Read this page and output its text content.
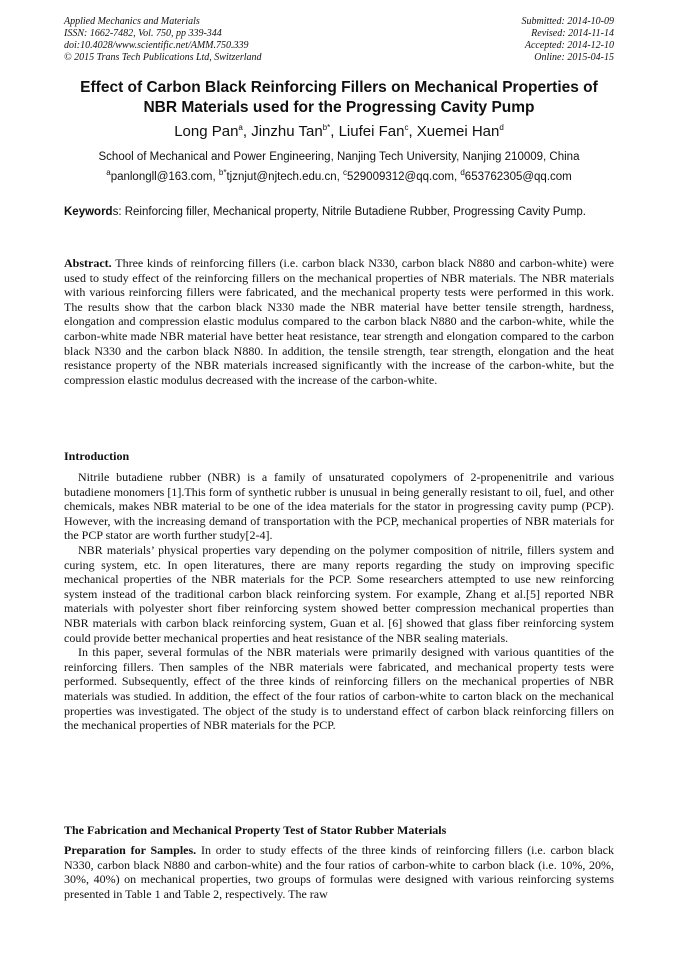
Applied Mechanics and Materials
ISSN: 1662-7482, Vol. 750, pp 339-344
doi:10.4028/www.scientific.net/AMM.750.339
© 2015 Trans Tech Publications Ltd, Switzerland
Submitted: 2014-10-09
Revised: 2014-11-14
Accepted: 2014-12-10
Online: 2015-04-15
Effect of Carbon Black Reinforcing Fillers on Mechanical Properties of NBR Materials used for the Progressing Cavity Pump
Long Pan$^a$, Jinzhu Tan$^{b*}$, Liufei Fan$^c$, Xuemei Han$^d$
School of Mechanical and Power Engineering, Nanjing Tech University, Nanjing 210009, China
$^a$panlongll@163.com, $^{b*}$tjznjut@njtech.edu.cn, $^c$529009312@qq.com, $^d$653762305@qq.com
Keywords: Reinforcing filler, Mechanical property, Nitrile Butadiene Rubber, Progressing Cavity Pump.
Abstract. Three kinds of reinforcing fillers (i.e. carbon black N330, carbon black N880 and carbon-white) were used to study effect of the reinforcing fillers on the mechanical properties of NBR materials. The NBR materials with various reinforcing fillers were fabricated, and the mechanical property tests were performed in this work. The results show that the carbon black N330 made the NBR material have better tensile strength, hardness, elongation and compression elastic modulus compared to the carbon black N880 and the carbon-white, while the carbon-white made NBR material have better heat resistance, tear strength and elongation compared to the carbon black N330 and the carbon black N880. In addition, the tensile strength, tear strength, elongation and the heat resistance property of the NBR materials increased significantly with the increase of the carbon-white, but the compression elastic modulus decreased with the increase of the carbon-white.
Introduction

Nitrile butadiene rubber (NBR) is a family of unsaturated copolymers of 2-propenenitrile and various butadiene monomers [1].This form of synthetic rubber is unusual in being generally resistant to oil, fuel, and other chemicals, makes NBR material to be one of the idea materials for the stator in progressing cavity pump (PCP). However, with the increasing demand of transportation with the PCP, mechanical properties of NBR materials for the PCP stator are worth further study[2-4].

NBR materials’ physical properties vary depending on the polymer composition of nitrile, fillers system and curing system, etc. In open literatures, there are many reports regarding the study on improving specific mechanical properties of the NBR materials for the PCP. Some researchers attempted to use new reinforcing system instead of the traditional carbon black reinforcing system. For example, Zhang et al.[5] reported NBR materials with polyester short fiber reinforcing system showed better compression mechanical properties than NBR materials with carbon black reinforcing system, Guan et al. [6] showed that glass fiber reinforcing system could provide better mechanical properties and heat resistance of the NBR sealing materials.

In this paper, several formulas of the NBR materials were primarily designed with various quantities of the reinforcing fillers. Then samples of the NBR materials were fabricated, and mechanical property tests were performed. Subsequently, effect of the three kinds of reinforcing fillers on the mechanical properties of NBR materials was studied. In addition, the effect of the four ratios of carbon-white to carton black on the mechanical properties was investigated. The object of the study is to understand effect of carbon black reinforcing fillers on the mechanical properties of NBR materials for the PCP.

The Fabrication and Mechanical Property Test of Stator Rubber Materials
Preparation for Samples. In order to study effects of the three kinds of reinforcing fillers (i.e. carbon black N330, carbon black N880 and carbon-white) and the four ratios of carbon-white to carbon black (i.e. 10%, 20%, 30%, 40%) on mechanical properties, two groups of formulas were designed with various reinforcing systems presented in Table 1 and Table 2, respectively. The raw
